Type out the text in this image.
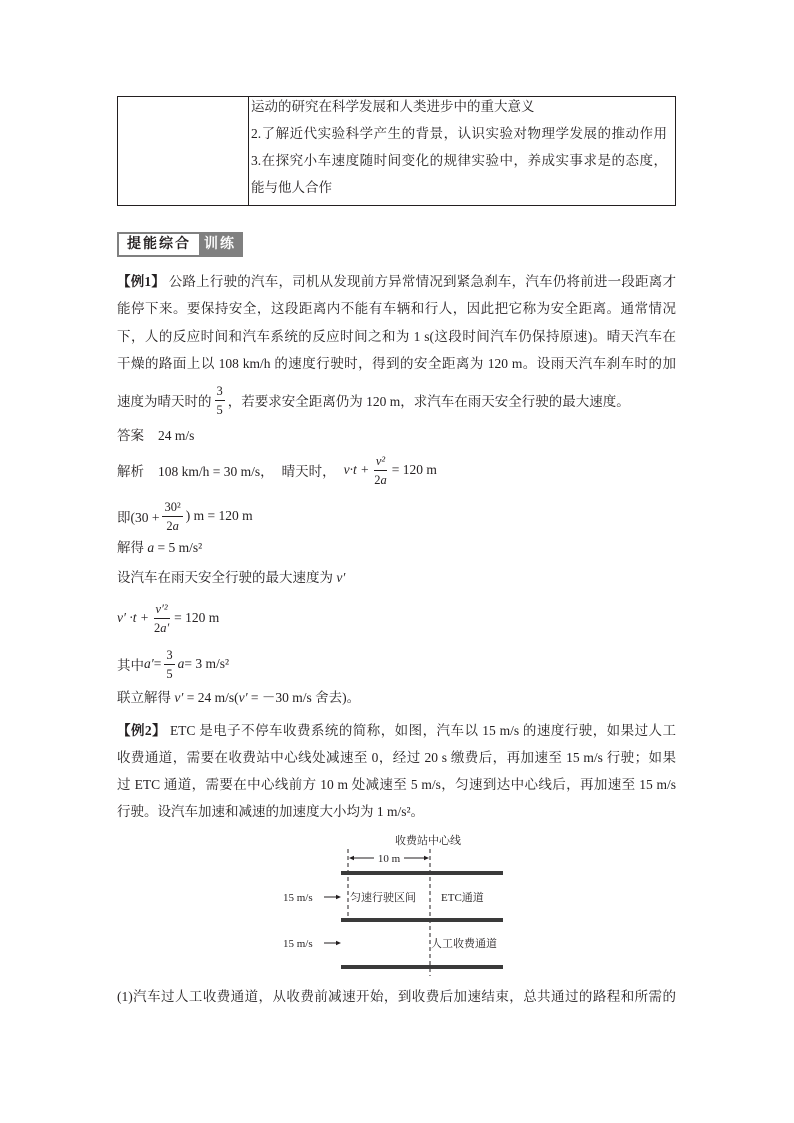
运动的研究在科学发展和人类进步中的重大意义
2.了解近代实验科学产生的背景，认识实验对物理学发展的推动作用
3.在探究小车速度随时间变化的规律实验中，养成实事求是的态度，
能与他人合作
提能综合 训练
【例1】 公路上行驶的汽车，司机从发现前方异常情况到紧急刹车，汽车仍将前进一段距离才
能停下来。要保持安全，这段距离内不能有车辆和行人，因此把它称为安全距离。通常情况
下，人的反应时间和汽车系统的反应时间之和为 1 s(这段时间汽车仍保持原速)。晴天汽车在
干燥的路面上以 108 km/h 的速度行驶时，得到的安全距离为 120 m。设雨天汽车刹车时的加
速度为晴天时的 $\frac{3}{5}$ ，若要求安全距离仍为 120 m，求汽车在雨天安全行驶的最大速度。
答案 24 m/s
解析 108 km/h = 30 m/s， 晴天时， $v\cdot t + \frac{\text{v²}}{2a} = 120$ m
即($30 + \frac{\text{30²}}{2a}$ ) m = 120 m
解得 a = 5 m/s²
设汽车在雨天安全行驶的最大速度为 v′
$v' \cdot t + \frac{\text{v′²}}{2a'} = 120$ m
其中 $a' = \frac{3}{5}$ a = 3 m/s²
联立解得 v′ = 24 m/s(v′ = －30 m/s 舍去)。
【例2】 ETC 是电子不停车收费系统的简称，如图，汽车以 15 m/s 的速度行驶，如果过人工
收费通道，需要在收费站中心线处减速至 0，经过 20 s 缴费后，再加速至 15 m/s 行驶；如果
过 ETC 通道，需要在中心线前方 10 m 处减速至 5 m/s，匀速到达中心线后，再加速至 15 m/s
行驶。设汽车加速和减速的加速度大小均为 1 m/s²。
收费站中心线
10 m
15 m/s	匀速行驶区间 ETC通道
15 m/s	人工收费通道
(1)汽车过人工收费通道，从收费前减速开始，到收费后加速结束，总共通过的路程和所需的
